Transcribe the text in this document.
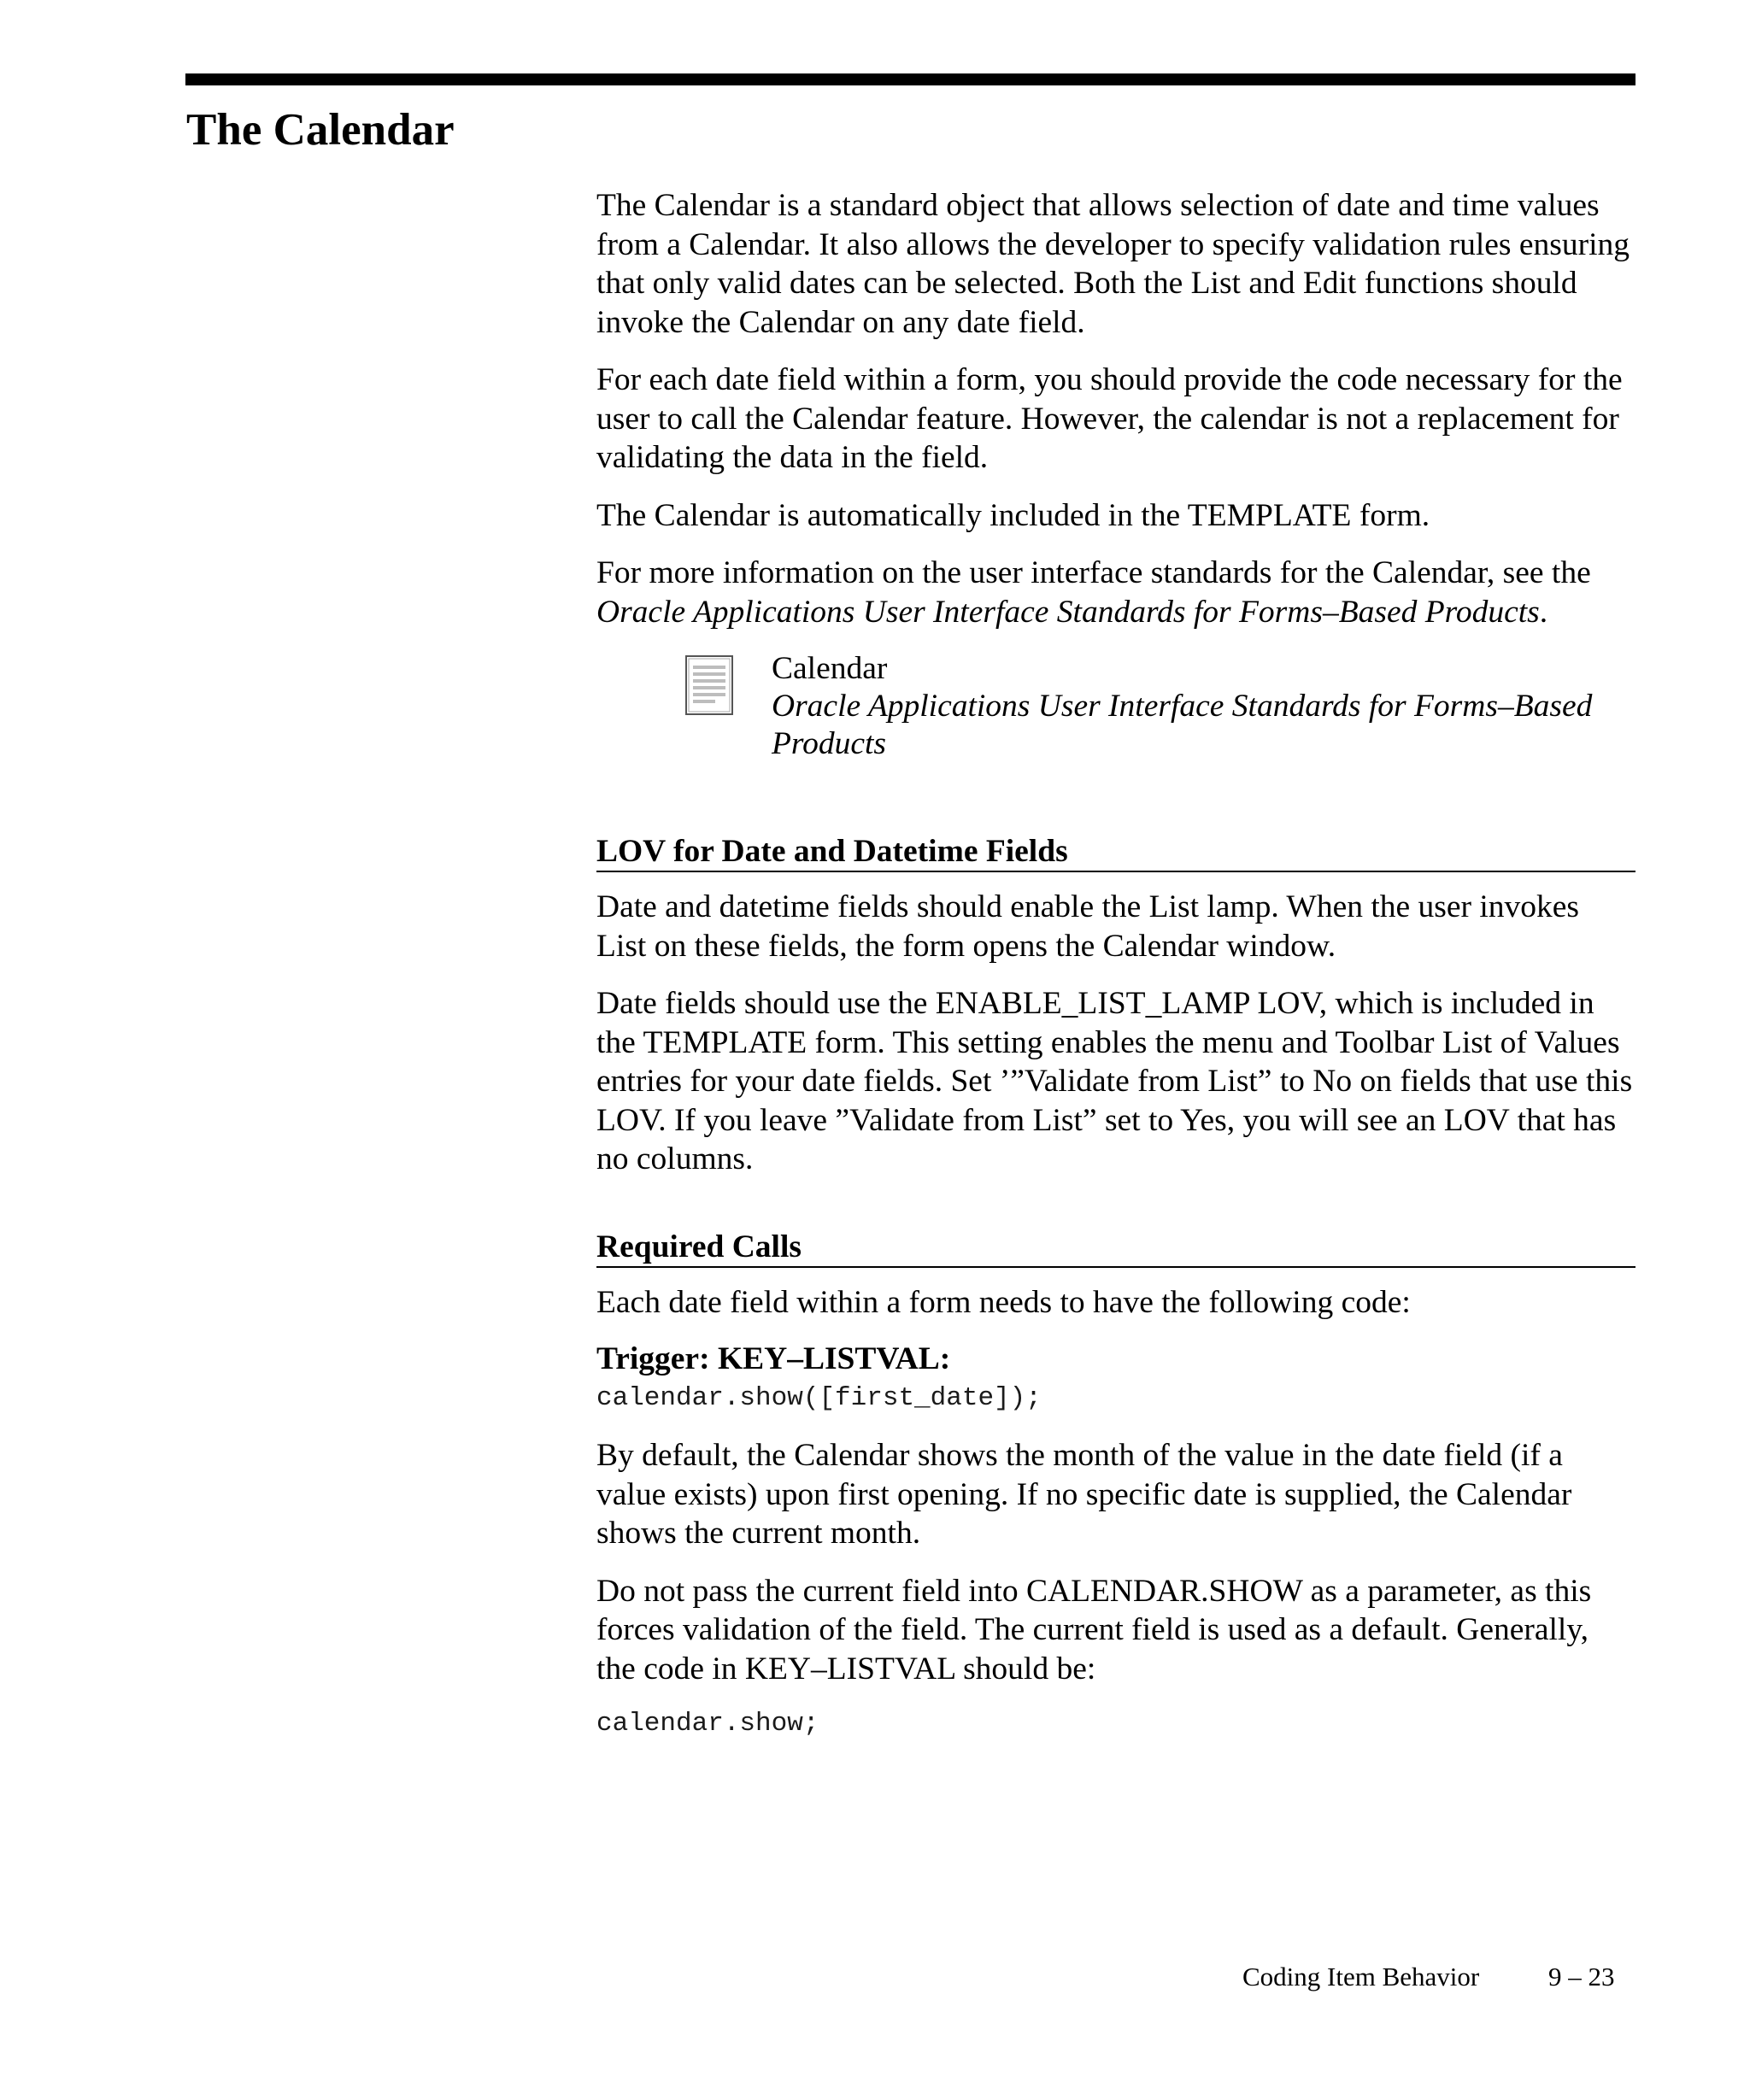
The Calendar

The Calendar is a standard object that allows selection of date and time values from a Calendar. It also allows the developer to specify validation rules ensuring that only valid dates can be selected. Both the List and Edit functions should invoke the Calendar on any date field.

For each date field within a form, you should provide the code necessary for the user to call the Calendar feature. However, the calendar is not a replacement for validating the data in the field.

The Calendar is automatically included in the TEMPLATE form.

For more information on the user interface standards for the Calendar, see the Oracle Applications User Interface Standards for Forms–Based Products.

Calendar
Oracle Applications User Interface Standards for Forms–Based
Products
LOV for Date and Datetime Fields

Date and datetime fields should enable the List lamp. When the user invokes List on these fields, the form opens the Calendar window.

Date fields should use the ENABLE_LIST_LAMP LOV, which is included in the TEMPLATE form. This setting enables the menu and Toolbar List of Values entries for your date fields. Set ’”Validate from List” to No on fields that use this LOV. If you leave ”Validate from List” set to Yes, you will see an LOV that has no columns.

Required Calls

Each date field within a form needs to have the following code:

Trigger: KEY–LISTVAL:

calendar.show([first_date]);

By default, the Calendar shows the month of the value in the date field (if a value exists) upon first opening. If no specific date is supplied, the Calendar shows the current month.

Do not pass the current field into CALENDAR.SHOW as a parameter, as this forces validation of the field. The current field is used as a default. Generally, the code in KEY–LISTVAL should be:

calendar.show;
Coding Item Behavior	9 – 23
